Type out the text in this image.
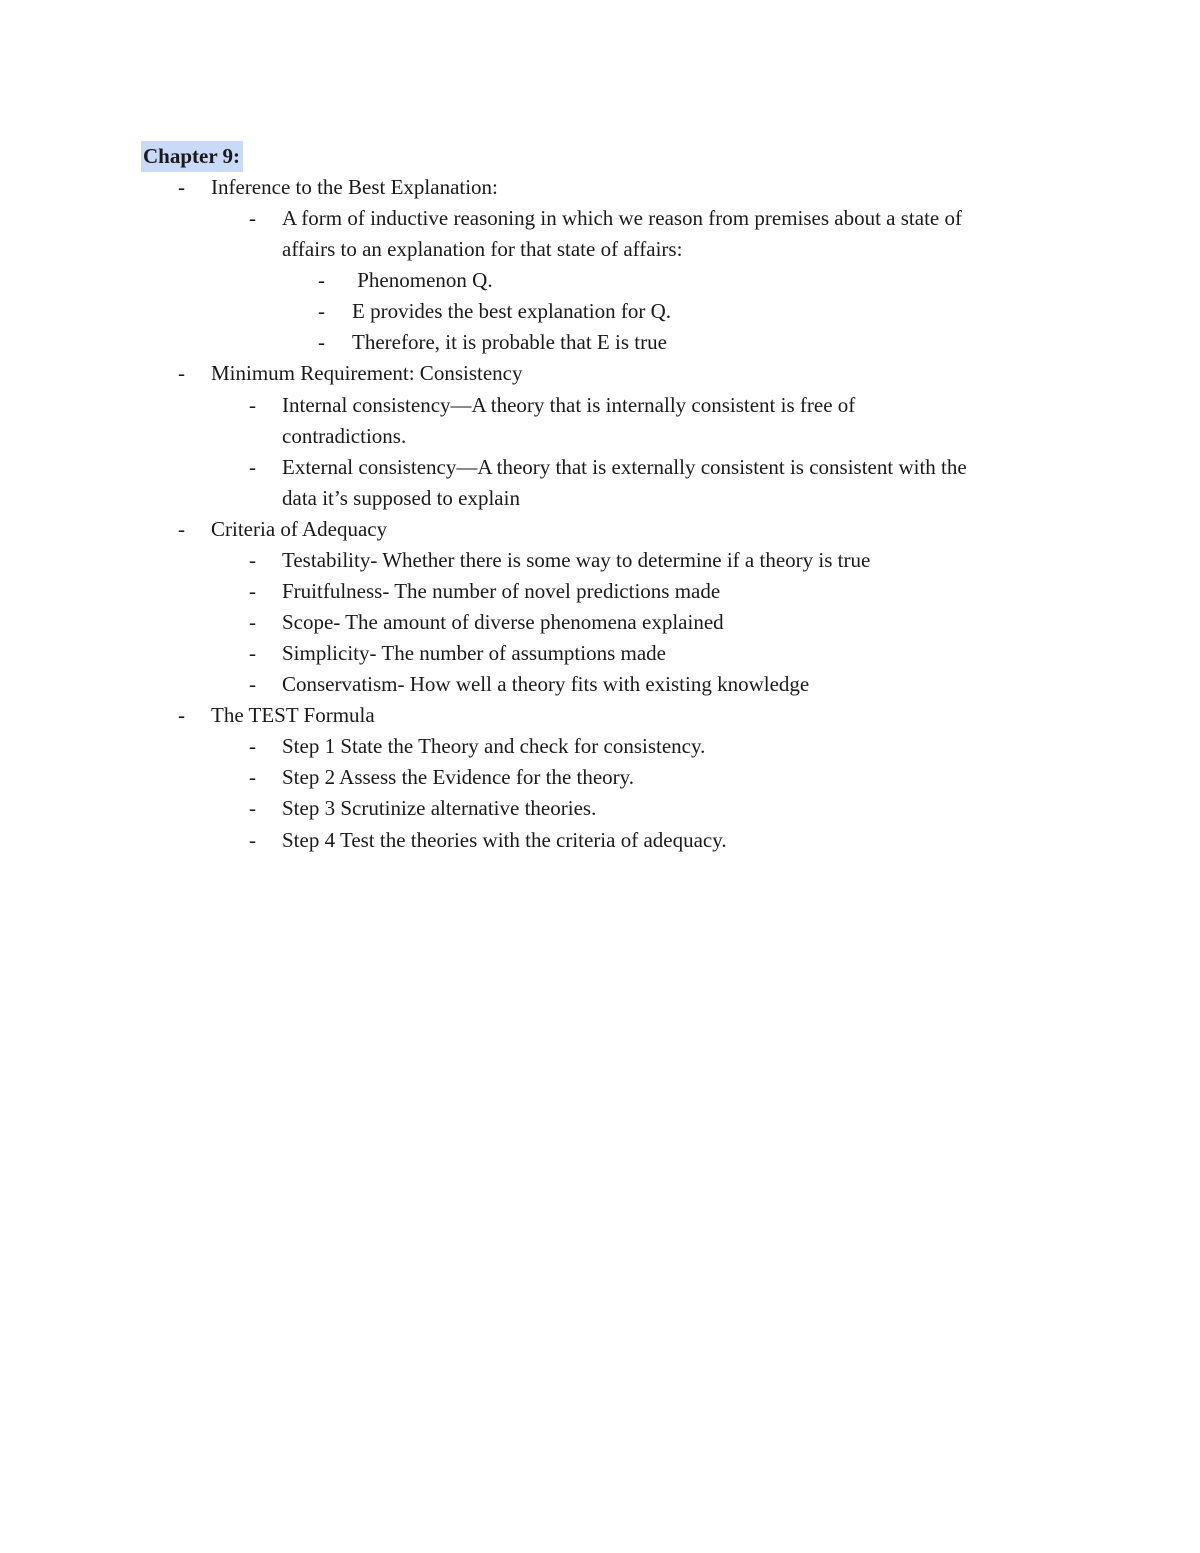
Chapter 9:
- Inference to the Best Explanation:
- A form of inductive reasoning in which we reason from premises about a state of
affairs to an explanation for that state of affairs:
- Phenomenon Q.
- E provides the best explanation for Q.
- Therefore, it is probable that E is true
- Minimum Requirement: Consistency
- Internal consistency—A theory that is internally consistent is free of
contradictions.
- External consistency—A theory that is externally consistent is consistent with the
data it’s supposed to explain
- Criteria of Adequacy
- Testability- Whether there is some way to determine if a theory is true
- Fruitfulness- The number of novel predictions made
- Scope- The amount of diverse phenomena explained
- Simplicity- The number of assumptions made
- Conservatism- How well a theory fits with existing knowledge
- The TEST Formula
- Step 1 State the Theory and check for consistency.
- Step 2 Assess the Evidence for the theory.
- Step 3 Scrutinize alternative theories.
- Step 4 Test the theories with the criteria of adequacy.
